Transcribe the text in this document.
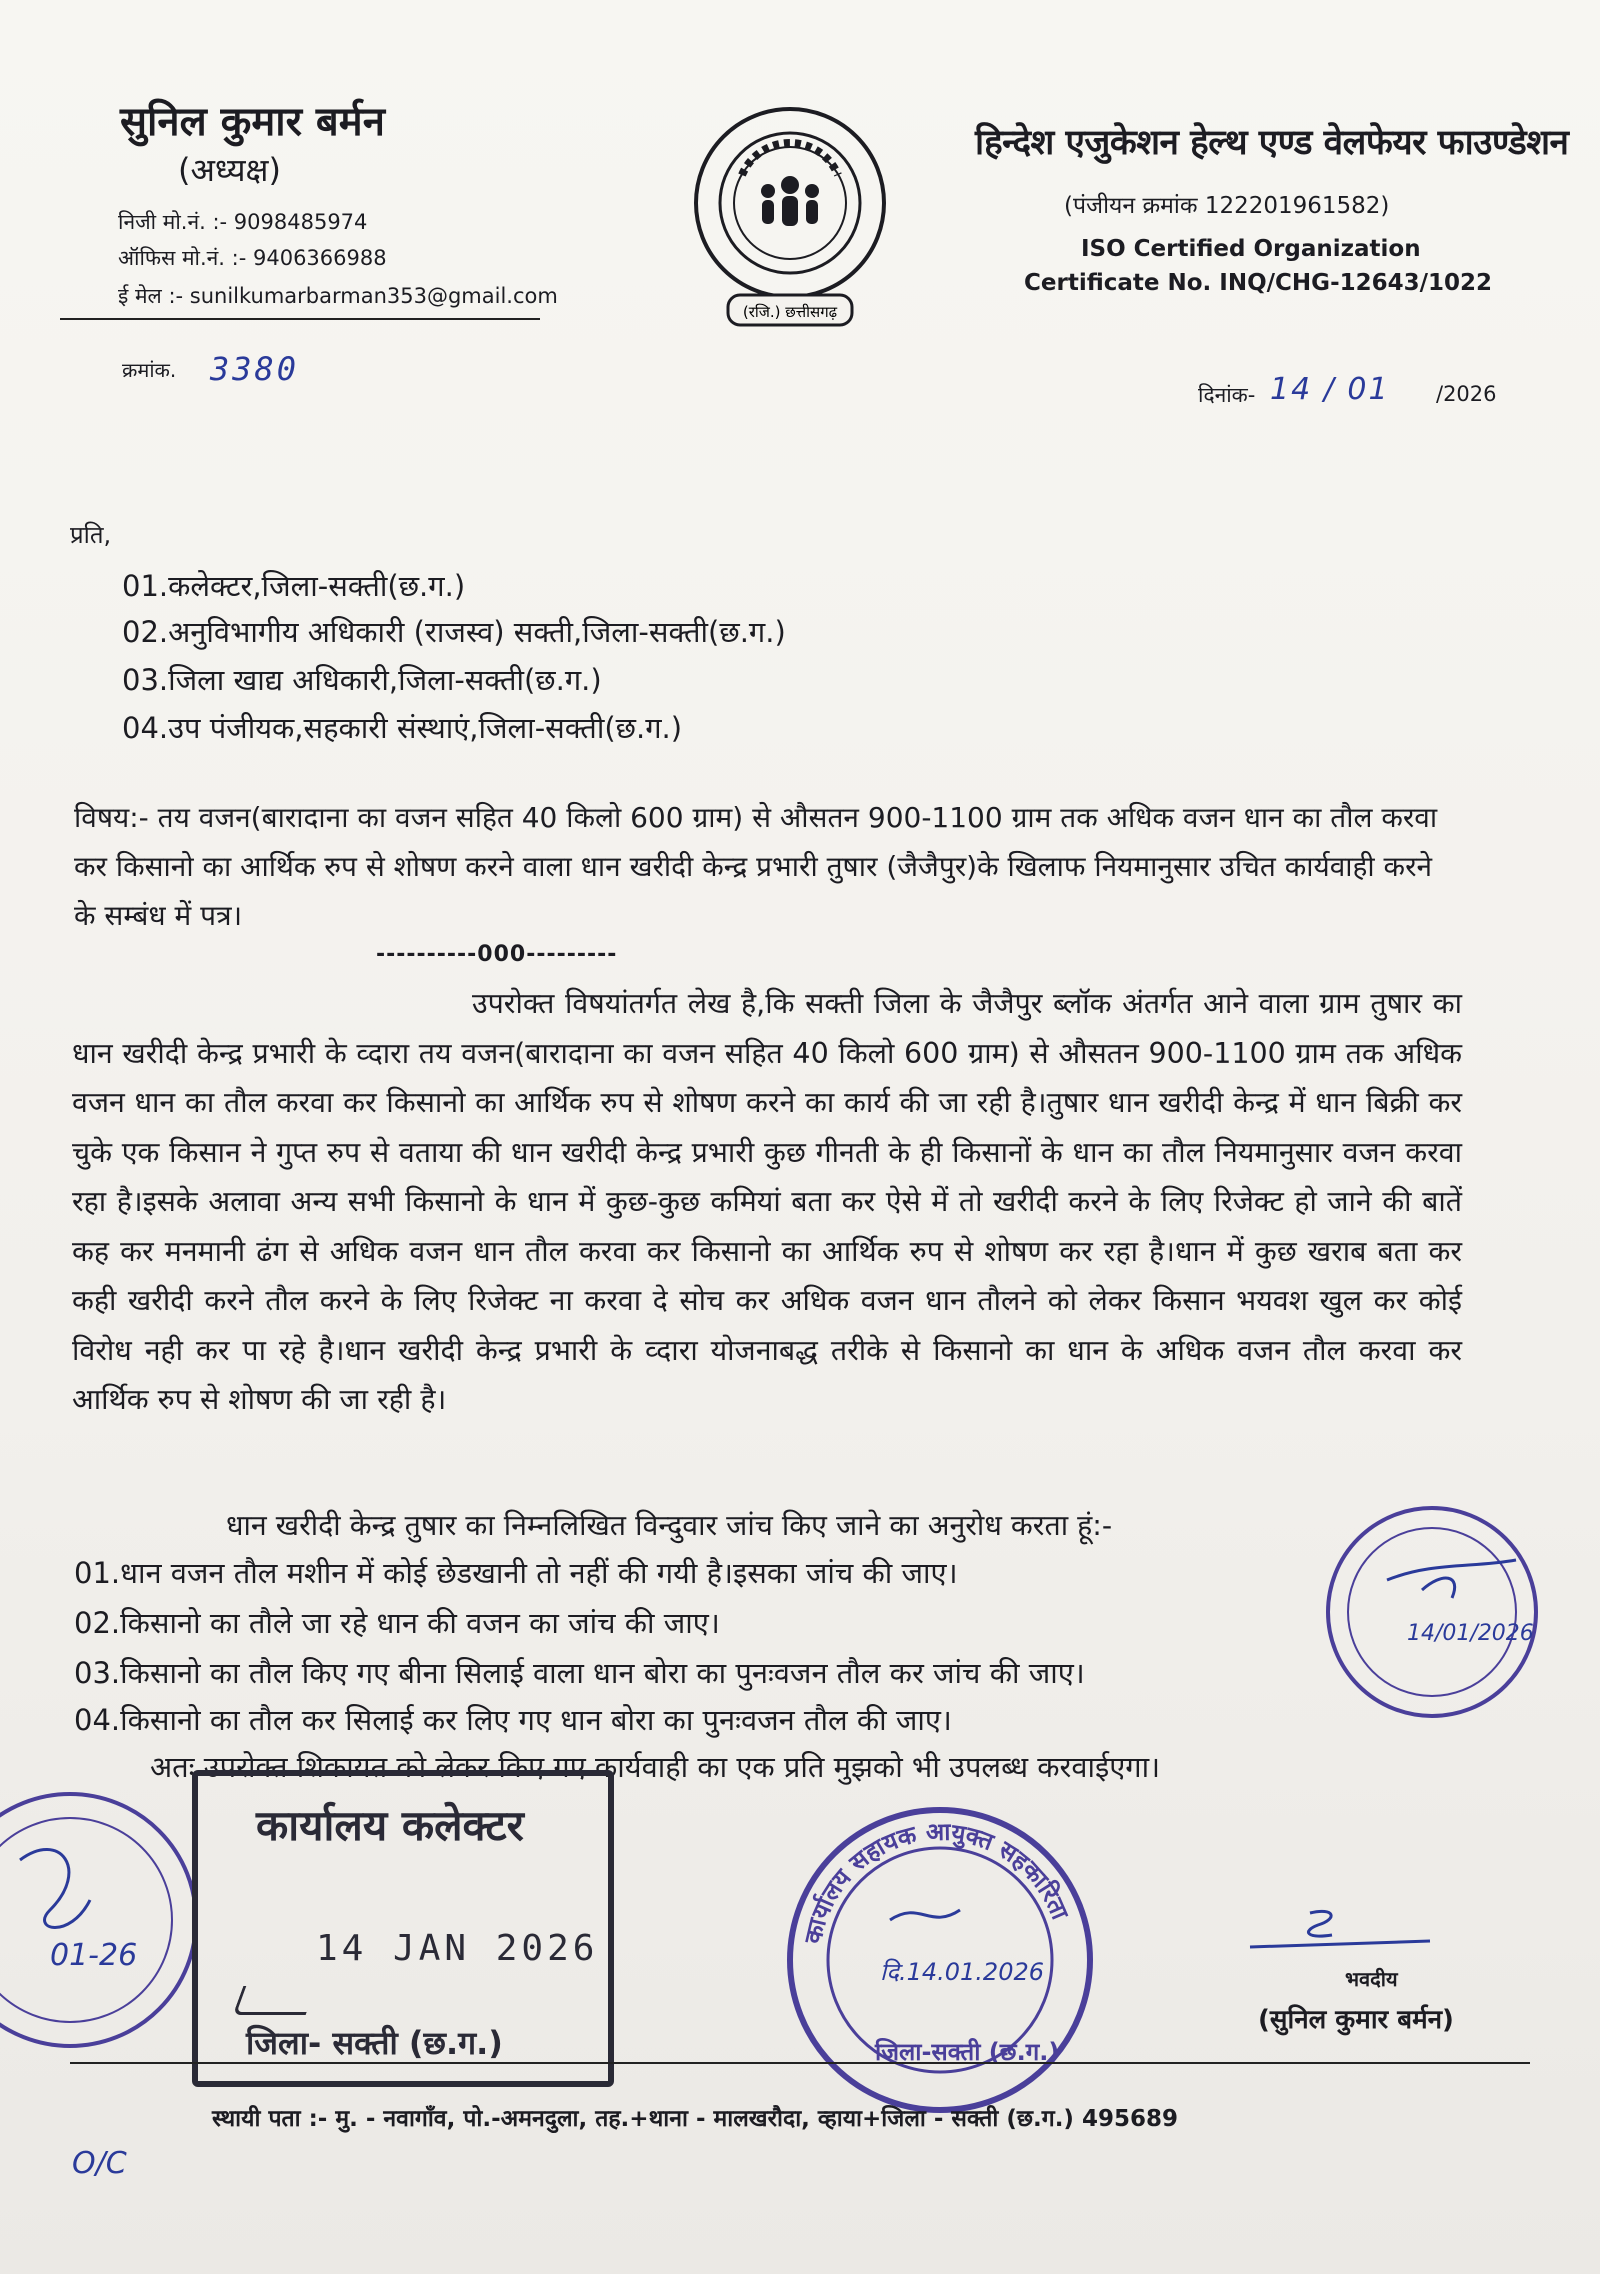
सुनिल कुमार बर्मन
(अध्यक्ष)
निजी मो.नं. :- 9098485974
ऑफिस मो.नं. :- 9406366988
ई मेल :- sunilkumarbarman353@gmail.com
(रजि.) छत्तीसगढ़
हिन्देश एजुकेशन हेल्थ एण्ड वेलफेयर फाउण्डेशन
(पंजीयन क्रमांक 122201961582)
ISO Certified Organization
Certificate No. INQ/CHG-12643/1022
क्रमांक. 3380
दिनांक- 14 / 01 /2026
प्रति,
01.कलेक्टर,जिला-सक्ती(छ.ग.)
02.अनुविभागीय अधिकारी (राजस्व) सक्ती,जिला-सक्ती(छ.ग.)
03.जिला खाद्य अधिकारी,जिला-सक्ती(छ.ग.)
04.उप पंजीयक,सहकारी संस्थाएं,जिला-सक्ती(छ.ग.)
विषय:- तय वजन(बारादाना का वजन सहित 40 किलो 600 ग्राम) से औसतन 900-1100 ग्राम तक अधिक वजन धान का तौल करवा कर किसानो का आर्थिक रुप से शोषण करने वाला धान खरीदी केन्द्र प्रभारी तुषार (जैजैपुर)के खिलाफ नियमानुसार उचित कार्यवाही करने के सम्बंध में पत्र।
----------000---------
उपरोक्त विषयांतर्गत लेख है,कि सक्ती जिला के जैजैपुर ब्लॉक अंतर्गत आने वाला ग्राम तुषार का धान खरीदी केन्द्र प्रभारी के व्दारा तय वजन(बारादाना का वजन सहित 40 किलो 600 ग्राम) से औसतन 900-1100 ग्राम तक अधिक वजन धान का तौल करवा कर किसानो का आर्थिक रुप से शोषण करने का कार्य की जा रही है।तुषार धान खरीदी केन्द्र में धान बिक्री कर चुके एक किसान ने गुप्त रुप से वताया की धान खरीदी केन्द्र प्रभारी कुछ गीनती के ही किसानों के धान का तौल नियमानुसार वजन करवा रहा है।इसके अलावा अन्य सभी किसानो के धान में कुछ-कुछ कमियां बता कर ऐसे में तो खरीदी करने के लिए रिजेक्ट हो जाने की बातें कह कर मनमानी ढंग से अधिक वजन धान तौल करवा कर किसानो का आर्थिक रुप से शोषण कर रहा है।धान में कुछ खराब बता कर कही खरीदी करने तौल करने के लिए रिजेक्ट ना करवा दे सोच कर अधिक वजन धान तौलने को लेकर किसान भयवश खुल कर कोई विरोध नही कर पा रहे है।धान खरीदी केन्द्र प्रभारी के व्दारा योजनाबद्ध तरीके से किसानो का धान के अधिक वजन तौल करवा कर आर्थिक रुप से शोषण की जा रही है।
धान खरीदी केन्द्र तुषार का निम्नलिखित विन्दुवार जांच किए जाने का अनुरोध करता हूं:-
01.धान वजन तौल मशीन में कोई छेडखानी तो नहीं की गयी है।इसका जांच की जाए।
02.किसानो का तौले जा रहे धान की वजन का जांच की जाए।
03.किसानो का तौल किए गए बीना सिलाई वाला धान बोरा का पुनःवजन तौल कर जांच की जाए।
04.किसानो का तौल कर सिलाई कर लिए गए धान बोरा का पुनःवजन तौल की जाए।
अतः उपरोक्त शिकायत को लेकर किए गए कार्यवाही का एक प्रति मुझको भी उपलब्ध करवाईएगा।
भवदीय
(सुनिल कुमार बर्मन)
14/01/2026
01-26
कार्यालय कलेक्टर
14 JAN 2026
जिला- सक्ती (छ.ग.)
कार्यालय सहायक आयुक्त सहकारिता
दि.14.01.2026
जिला-सक्ती (छ.ग.)
स्थायी पता :- मु. - नवागाँव, पो.-अमनदुला, तह.+थाना - मालखरौदा, व्हाया+जिला - सक्ती (छ.ग.) 495689
O/C
